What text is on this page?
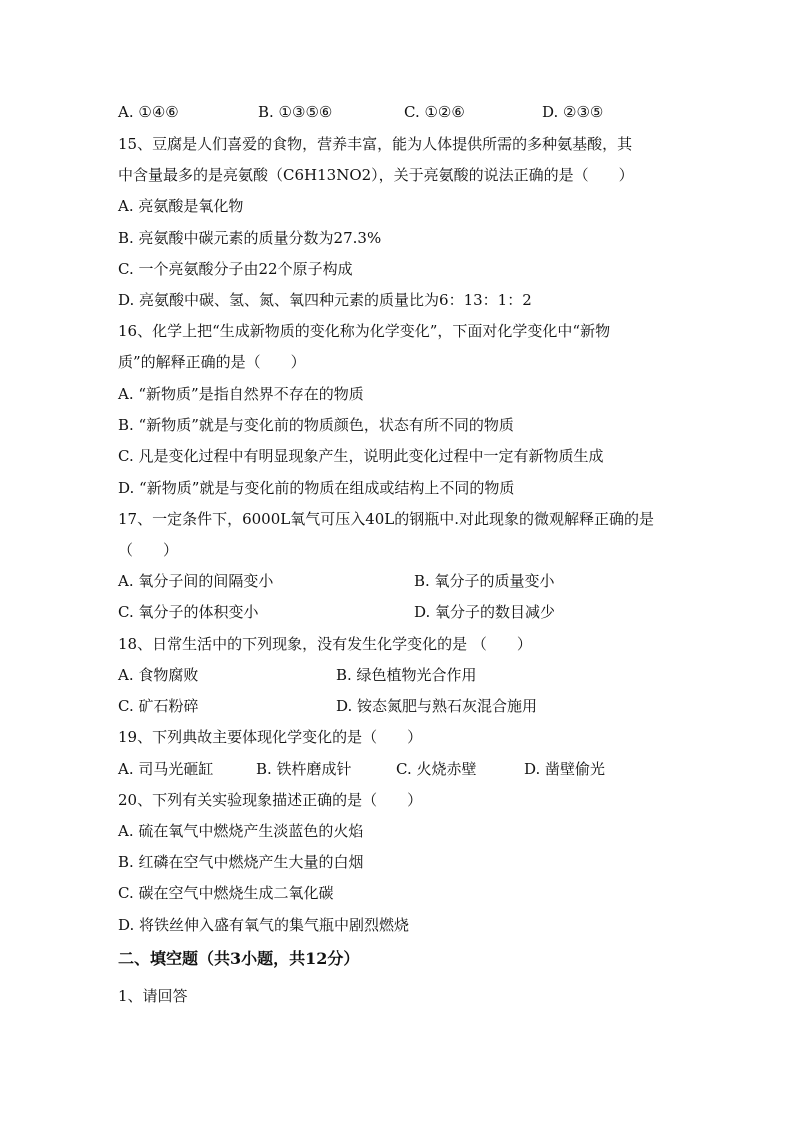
A. ①④⑥	B. ①③⑤⑥	C. ①②⑥	D. ②③⑤
15、豆腐是人们喜爱的食物，营养丰富，能为人体提供所需的多种氨基酸，其
中含量最多的是亮氨酸（C6H13NO2），关于亮氨酸的说法正确的是（　　）
A. 亮氨酸是氧化物
B. 亮氨酸中碳元素的质量分数为27.3%
C. 一个亮氨酸分子由22个原子构成
D. 亮氨酸中碳、氢、氮、氧四种元素的质量比为6：13：1：2
16、化学上把“生成新物质的变化称为化学变化”，下面对化学变化中“新物
质”的解释正确的是（　　）
A. “新物质”是指自然界不存在的物质
B. “新物质”就是与变化前的物质颜色，状态有所不同的物质
C. 凡是变化过程中有明显现象产生，说明此变化过程中一定有新物质生成
D. “新物质”就是与变化前的物质在组成或结构上不同的物质
17、一定条件下，6000L氧气可压入40L的钢瓶中.对此现象的微观解释正确的是
（　　）
A. 氧分子间的间隔变小	B. 氧分子的质量变小
C. 氧分子的体积变小	D. 氧分子的数目减少
18、日常生活中的下列现象，没有发生化学变化的是 （　　）
A. 食物腐败	B. 绿色植物光合作用
C. 矿石粉碎	D. 铵态氮肥与熟石灰混合施用
19、下列典故主要体现化学变化的是（　　）
A. 司马光砸缸	B. 铁杵磨成针	C. 火烧赤壁	D. 凿壁偷光
20、下列有关实验现象描述正确的是（　　）
A. 硫在氧气中燃烧产生淡蓝色的火焰
B. 红磷在空气中燃烧产生大量的白烟
C. 碳在空气中燃烧生成二氧化碳
D. 将铁丝伸入盛有氧气的集气瓶中剧烈燃烧
二、填空题（共3小题，共12分）
1、请回答
